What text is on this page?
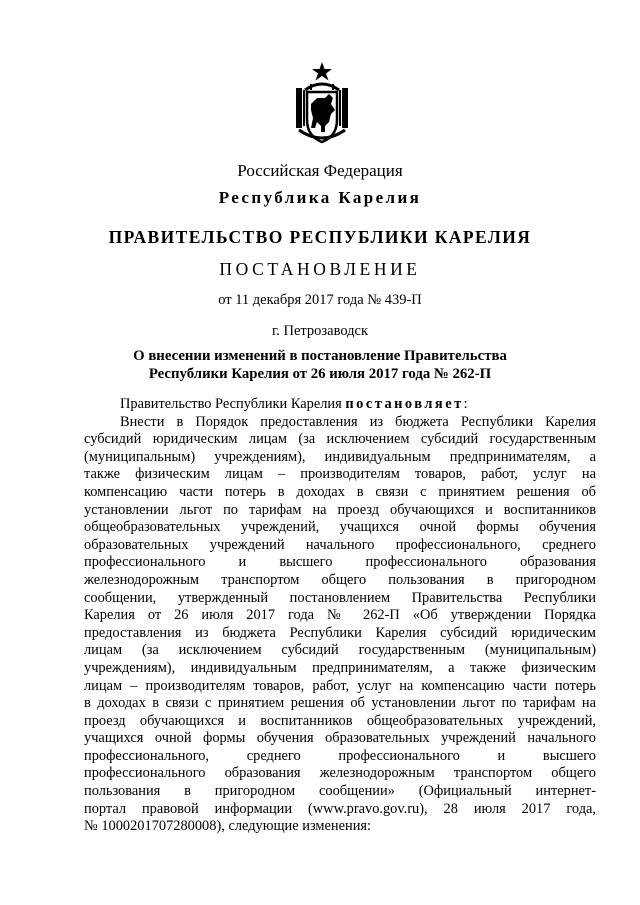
Российская Федерация
Республика Карелия
ПРАВИТЕЛЬСТВО РЕСПУБЛИКИ КАРЕЛИЯ
ПОСТАНОВЛЕНИЕ
от 11 декабря 2017 года № 439-П
г. Петрозаводск
О внесении изменений в постановление Правительства
Республики Карелия от 26 июля 2017 года № 262-П
Правительство Республики Карелия постановляет:
Внести в Порядок предоставления из бюджета Республики Карелия
субсидий юридическим лицам (за исключением субсидий государственным
(муниципальным) учреждениям), индивидуальным предпринимателям, а
также физическим лицам – производителям товаров, работ, услуг на
компенсацию части потерь в доходах в связи с принятием решения об
установлении льгот по тарифам на проезд обучающихся и воспитанников
общеобразовательных учреждений, учащихся очной формы обучения
образовательных учреждений начального профессионального, среднего
профессионального и высшего профессионального образования
железнодорожным транспортом общего пользования в пригородном
сообщении, утвержденный постановлением Правительства Республики
Карелия от 26 июля 2017 года № 262-П «Об утверждении Порядка
предоставления из бюджета Республики Карелия субсидий юридическим
лицам (за исключением субсидий государственным (муниципальным)
учреждениям), индивидуальным предпринимателям, а также физическим
лицам – производителям товаров, работ, услуг на компенсацию части потерь
в доходах в связи с принятием решения об установлении льгот по тарифам на
проезд обучающихся и воспитанников общеобразовательных учреждений,
учащихся очной формы обучения образовательных учреждений начального
профессионального, среднего профессионального и высшего
профессионального образования железнодорожным транспортом общего
пользования в пригородном сообщении» (Официальный интернет-
портал правовой информации (www.pravo.gov.ru), 28 июля 2017 года,
№ 1000201707280008), следующие изменения:
